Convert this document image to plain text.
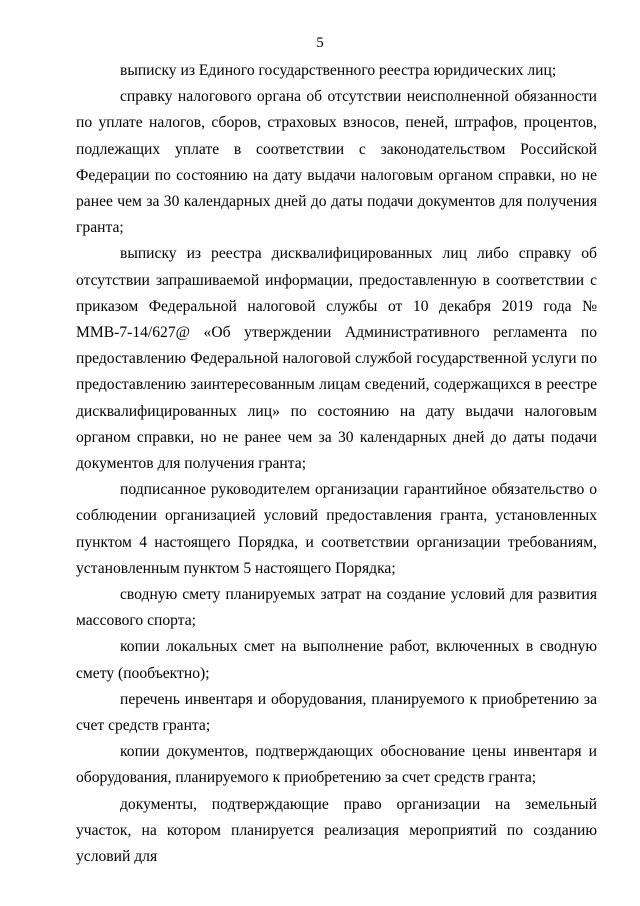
5

выписку из Единого государственного реестра юридических лиц;

справку налогового органа об отсутствии неисполненной обязанности по уплате налогов, сборов, страховых взносов, пеней, штрафов, процентов, подлежащих уплате в соответствии с законодательством Российской Федерации по состоянию на дату выдачи налоговым органом справки, но не ранее чем за 30 календарных дней до даты подачи документов для получения гранта;

выписку из реестра дисквалифицированных лиц либо справку об отсутствии запрашиваемой информации, предоставленную в соответствии с приказом Федеральной налоговой службы от 10 декабря 2019 года № ММВ-7-14/627@ «Об утверждении Административного регламента по предоставлению Федеральной налоговой службой государственной услуги по предоставлению заинтересованным лицам сведений, содержащихся в реестре дисквалифицированных лиц» по состоянию на дату выдачи налоговым органом справки, но не ранее чем за 30 календарных дней до даты подачи документов для получения гранта;

подписанное руководителем организации гарантийное обязательство о соблюдении организацией условий предоставления гранта, установленных пунктом 4 настоящего Порядка, и соответствии организации требованиям, установленным пунктом 5 настоящего Порядка;

сводную смету планируемых затрат на создание условий для развития массового спорта;

копии локальных смет на выполнение работ, включенных в сводную смету (пообъектно);

перечень инвентаря и оборудования, планируемого к приобретению за счет средств гранта;

копии документов, подтверждающих обоснование цены инвентаря и оборудования, планируемого к приобретению за счет средств гранта;

документы, подтверждающие право организации на земельный участок, на котором планируется реализация мероприятий по созданию условий для
